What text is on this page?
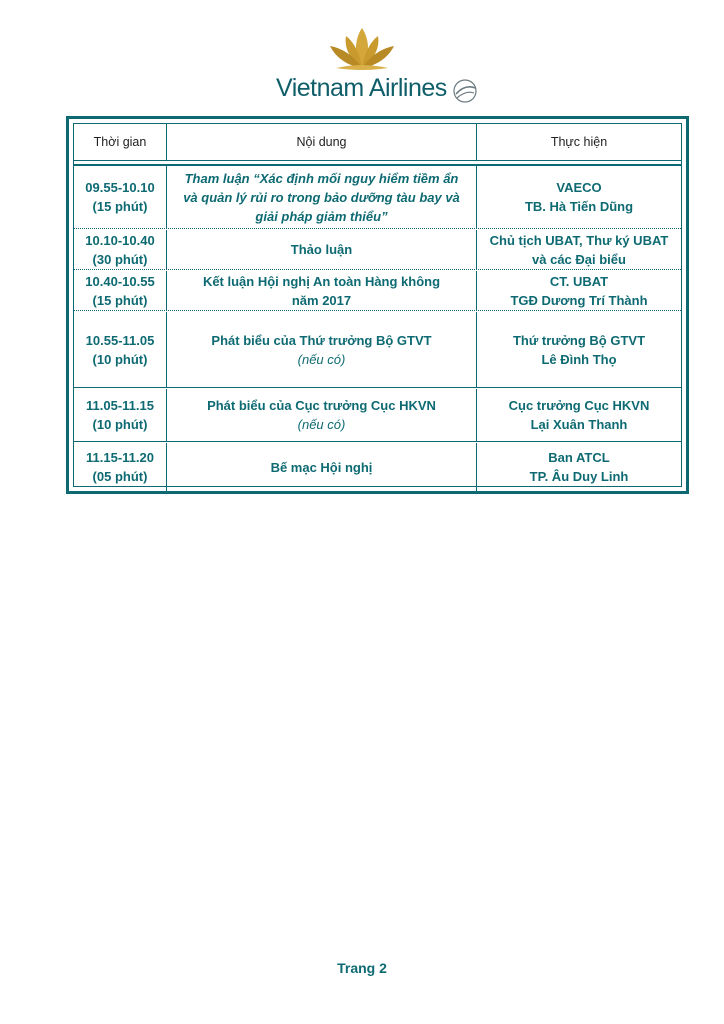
Vietnam Airlines
Thời gian	Nội dung	Thực hiện
09.55-10.10
(15 phút)
Tham luận “Xác định mối nguy hiểm tiềm ẩn
và quản lý rủi ro trong bảo dưỡng tàu bay và
giải pháp giảm thiểu”
VAECO
TB. Hà Tiến Dũng
10.10-10.40
(30 phút)
Thảo luận
Chủ tịch UBAT, Thư ký UBAT
và các Đại biểu
10.40-10.55
(15 phút)
Kết luận Hội nghị An toàn Hàng không
năm 2017
CT. UBAT
TGĐ Dương Trí Thành
10.55-11.05
(10 phút)
Phát biểu của Thứ trưởng Bộ GTVT
(nếu có)
Thứ trưởng Bộ GTVT
Lê Đình Thọ
11.05-11.15
(10 phút)
Phát biểu của Cục trưởng Cục HKVN
(nếu có)
Cục trưởng Cục HKVN
Lại Xuân Thanh
11.15-11.20
(05 phút)
Bế mạc Hội nghị
Ban ATCL
TP. Âu Duy Linh
Trang 2
